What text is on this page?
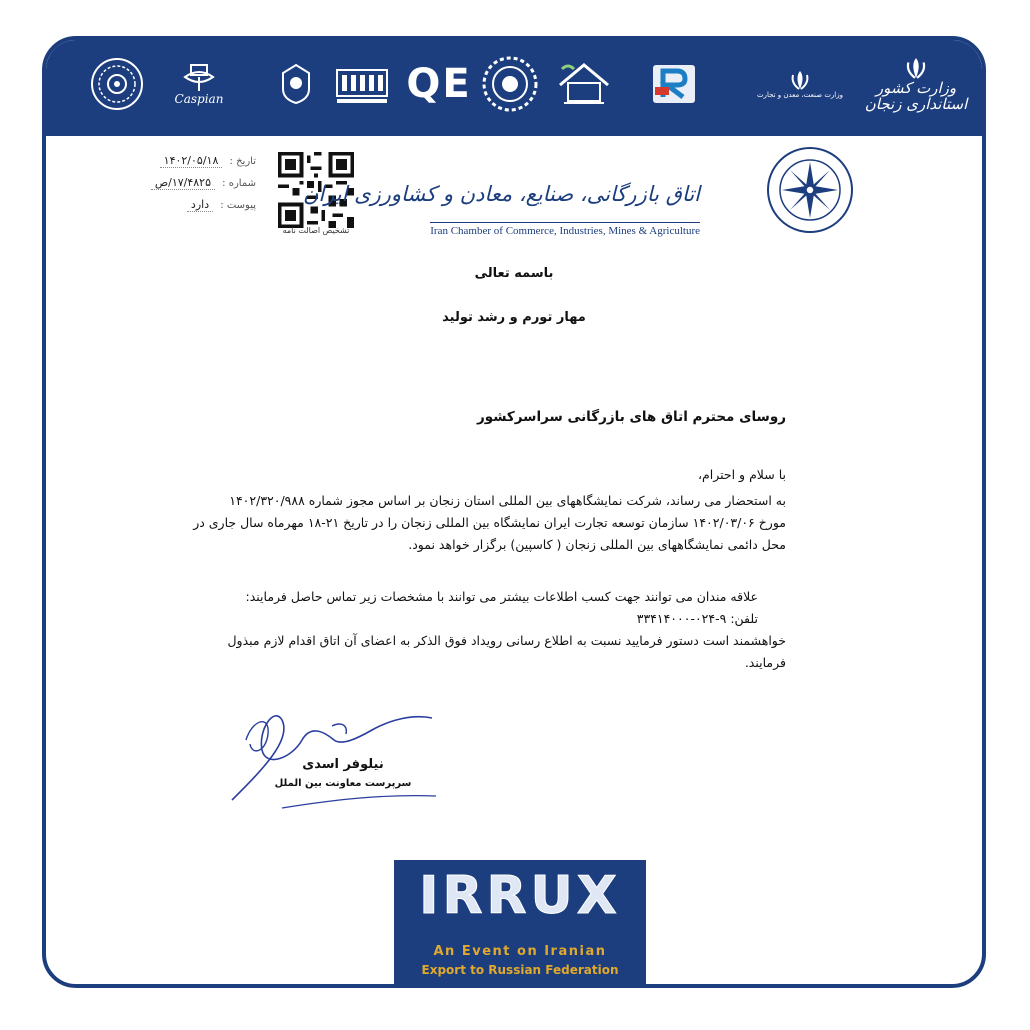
Caspian	QE	وزارت صنعت، معدن و تجارت	وزارت کشور استانداری زنجان
تاریخ : ۱۴۰۲/۰۵/۱۸
شماره : ۱۷/۴۸۲۵/ص
پیوست : دارد
تشخیص اصالت نامه
اتاق بازرگانی، صنایع، معادن و کشاورزی ایران
Iran Chamber of Commerce, Industries, Mines & Agriculture
باسمه تعالی
مهار تورم و رشد تولید
روسای محترم اتاق های بازرگانی سراسرکشور
با سلام و احترام،
به استحضار می رساند، شرکت نمایشگاههای بین المللی استان زنجان بر اساس مجوز شماره ۱۴۰۲/۳۲۰/۹۸۸
مورخ ۱۴۰۲/۰۳/۰۶ سازمان توسعه تجارت ایران نمایشگاه بین المللی زنجان را در تاریخ ۲۱-۱۸ مهرماه سال جاری در
محل دائمی نمایشگاههای بین المللی زنجان ( کاسپین) برگزار خواهد نمود.
علاقه مندان می توانند جهت کسب اطلاعات بیشتر می توانند با مشخصات زیر تماس حاصل فرمایند:
تلفن: ۹-۰۲۴-۳۳۴۱۴۰۰۰
خواهشمند است دستور فرمایید نسبت به اطلاع رسانی رویداد فوق الذکر به اعضای آن اتاق اقدام لازم مبذول
فرمایند.
نیلوفر اسدی
سرپرست معاونت بین الملل
IRRUX
An Event on Iranian
Export to Russian Federation
